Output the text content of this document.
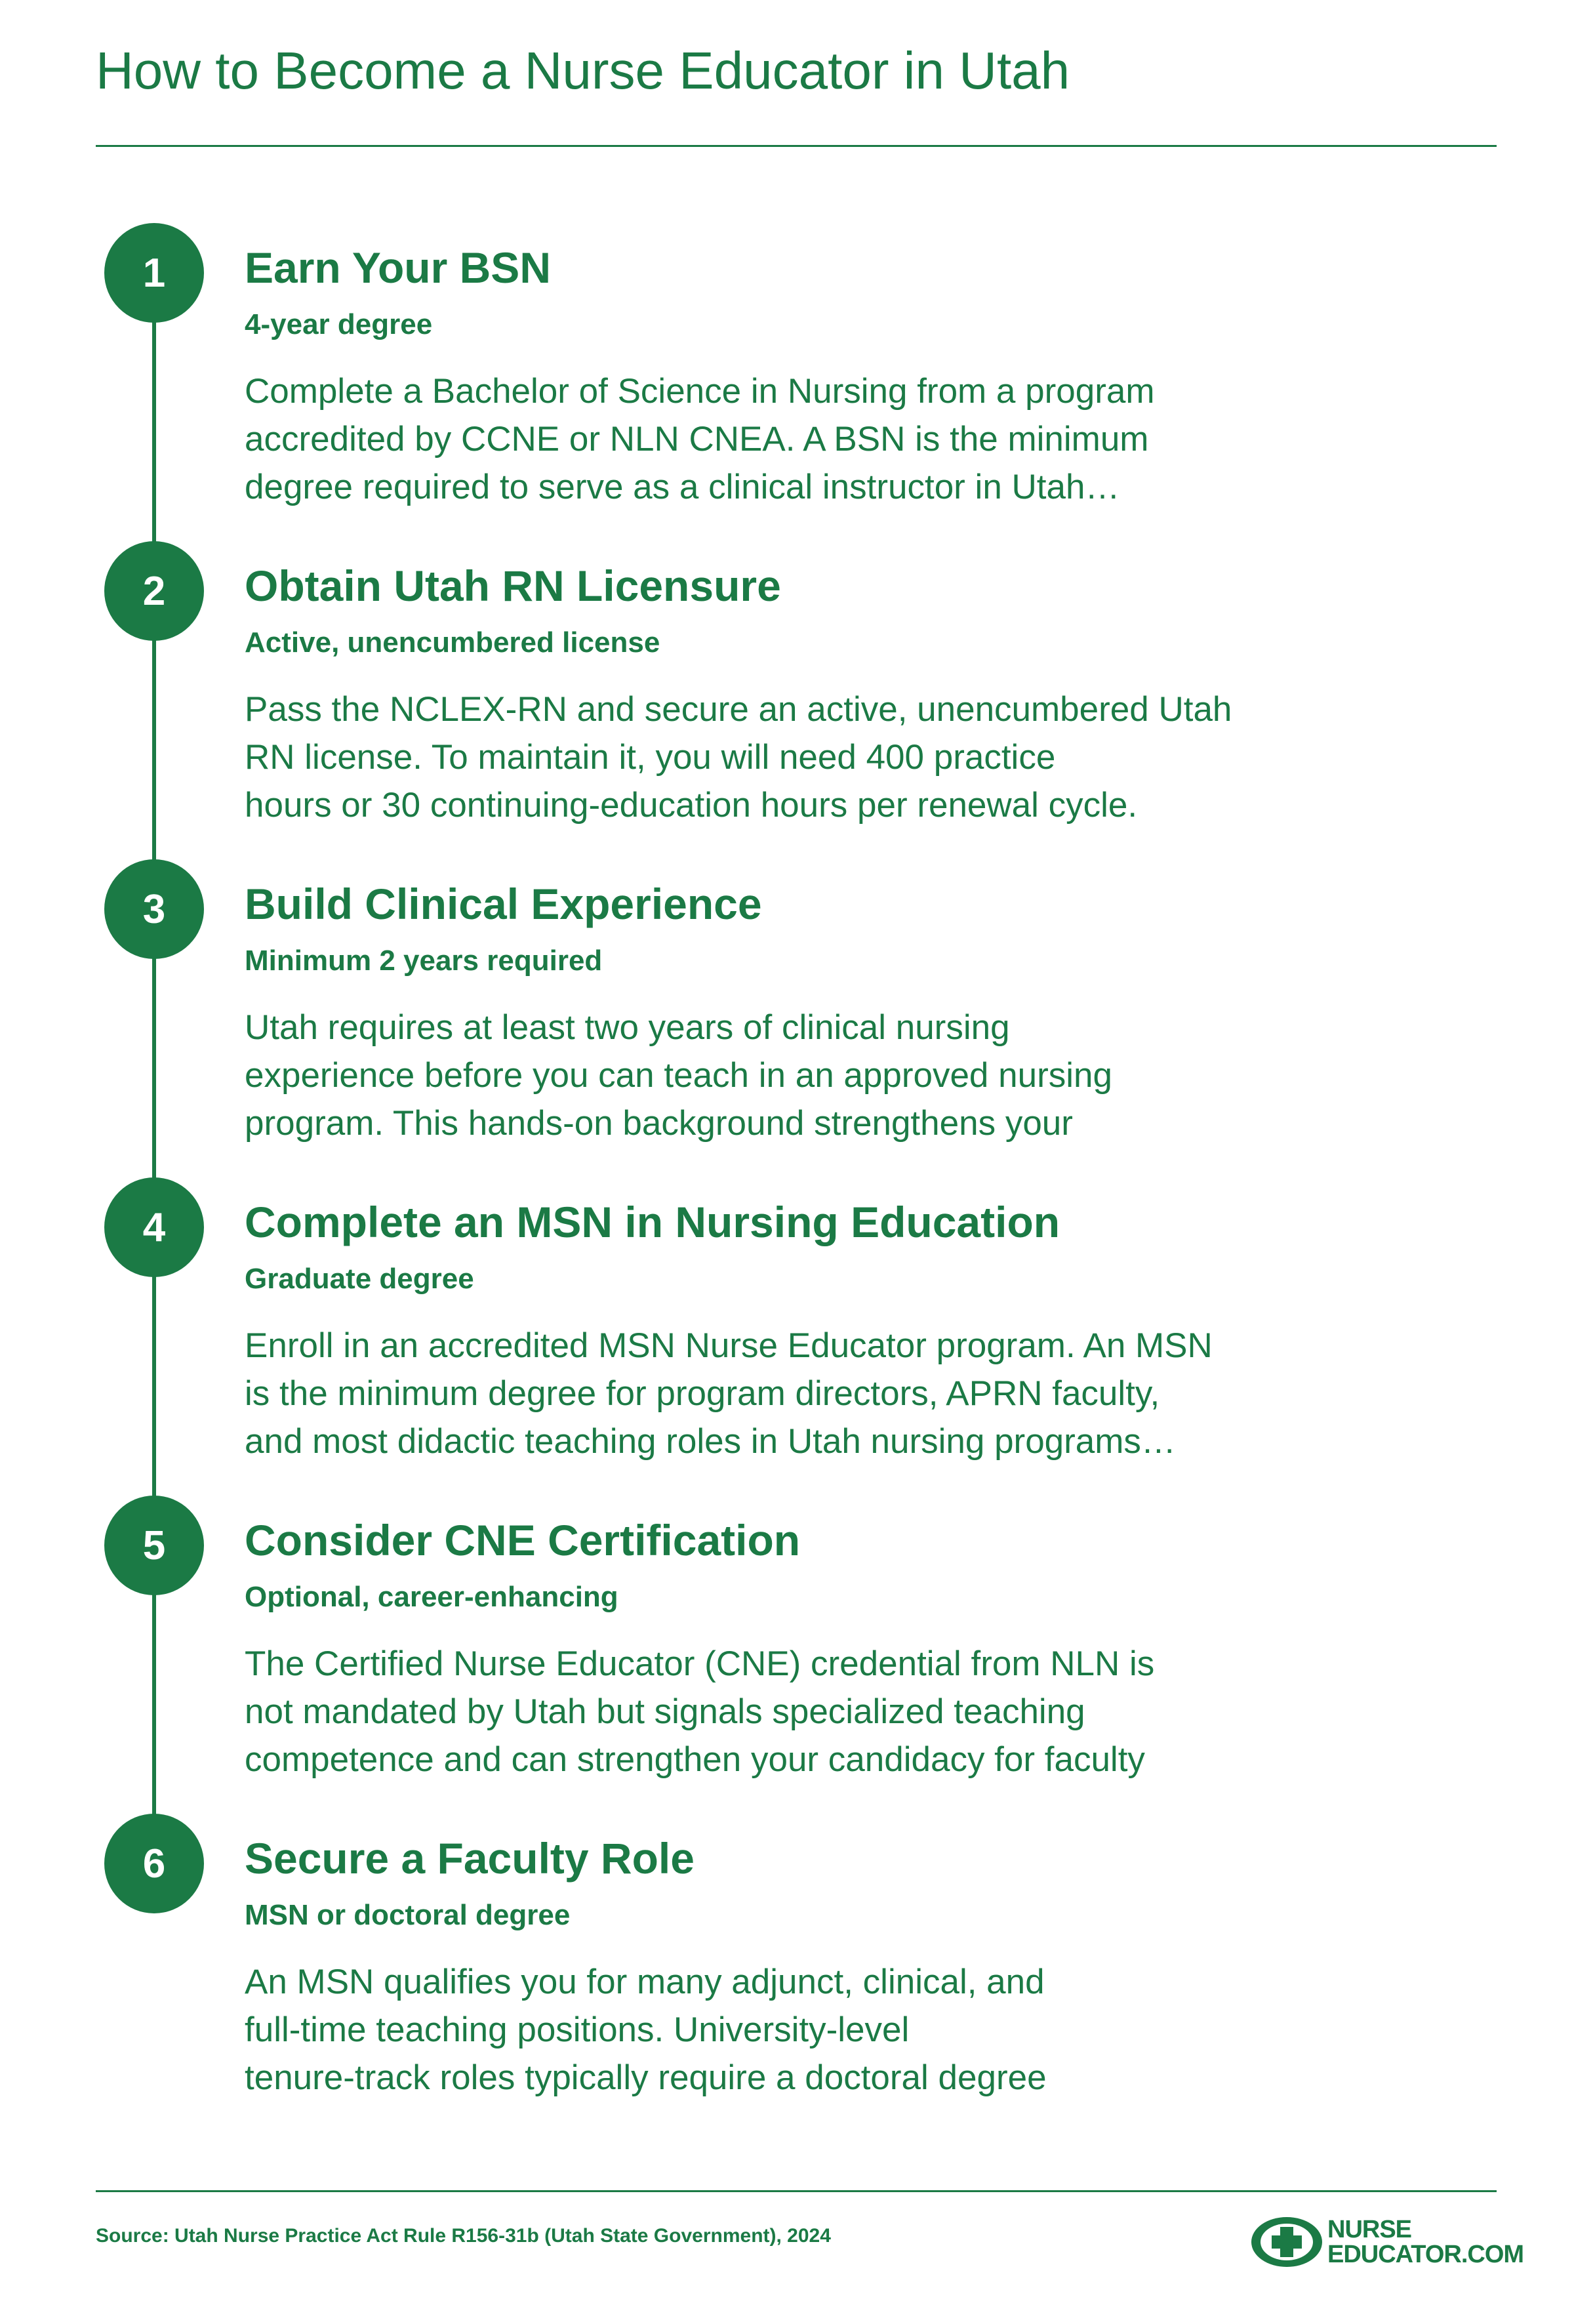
How to Become a Nurse Educator in Utah
1	Earn Your BSN
4-year degree
Complete a Bachelor of Science in Nursing from a program
accredited by CCNE or NLN CNEA. A BSN is the minimum
degree required to serve as a clinical instructor in Utah…
2	Obtain Utah RN Licensure
Active, unencumbered license
Pass the NCLEX-RN and secure an active, unencumbered Utah
RN license. To maintain it, you will need 400 practice
hours or 30 continuing-education hours per renewal cycle.
3	Build Clinical Experience
Minimum 2 years required
Utah requires at least two years of clinical nursing
experience before you can teach in an approved nursing
program. This hands-on background strengthens your
4	Complete an MSN in Nursing Education
Graduate degree
Enroll in an accredited MSN Nurse Educator program. An MSN
is the minimum degree for program directors, APRN faculty,
and most didactic teaching roles in Utah nursing programs…
5	Consider CNE Certification
Optional, career-enhancing
The Certified Nurse Educator (CNE) credential from NLN is
not mandated by Utah but signals specialized teaching
competence and can strengthen your candidacy for faculty
6	Secure a Faculty Role
MSN or doctoral degree
An MSN qualifies you for many adjunct, clinical, and
full-time teaching positions. University-level
tenure-track roles typically require a doctoral degree
Source: Utah Nurse Practice Act Rule R156-31b (Utah State Government), 2024	NURSE
EDUCATOR.COM
